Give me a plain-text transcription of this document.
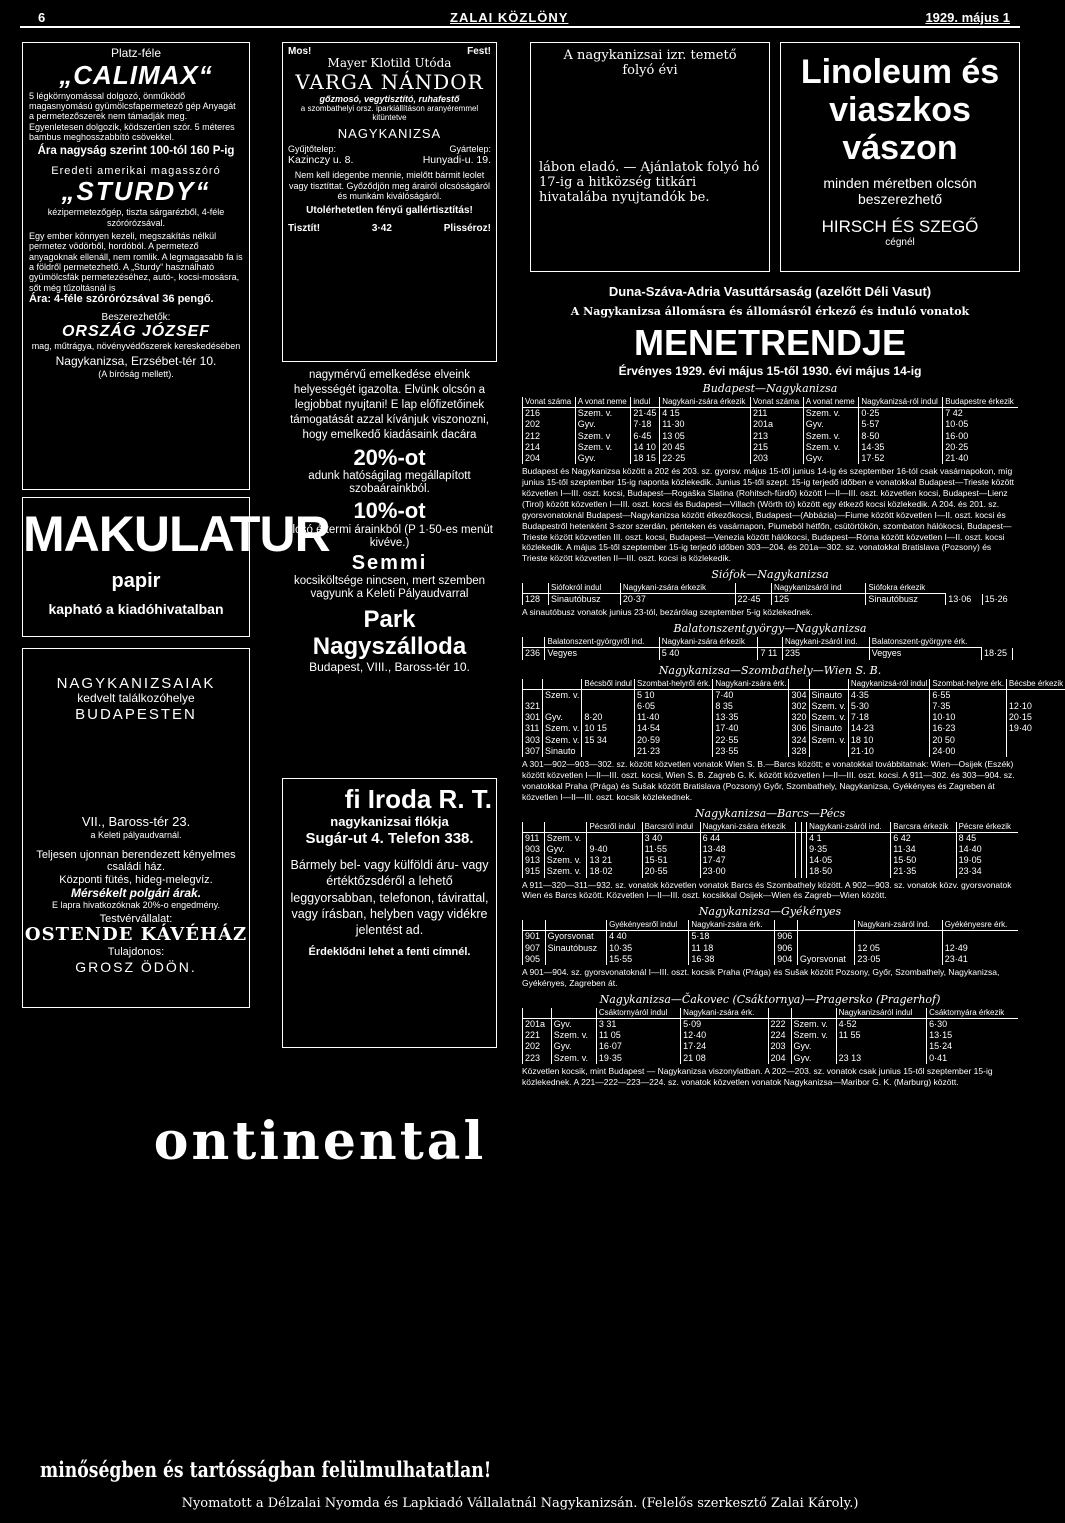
6	ZALAI KÖZLÖNY	1929. május 1
Platz-féle
„CALIMAX“
5 légkörnyomással dolgozó, önműködő magasnyomású gyümölcsfapermetező gép Anyagát a permetezőszerek nem támadják meg. Egyenletesen dolgozik, ködszerűen szór. 5 méteres bambus meghosszabbító csövekkel.
Ára nagyság szerint 100-tól 160 P-ig
Eredeti amerikai magasszóró
„STURDY“
kézipermetezőgép, tiszta sárgarézből, 4-féle szórórózsával.
Egy ember könnyen kezeli, megszakítás nélkül permetez vödörből, hordóból. A permetező anyagoknak ellenáll, nem romlik. A legmagasabb fa is a földről permetezhető. A „Sturdy“ használható gyümölcsfák permetezéséhez, autó-, kocsi-mosásra, sőt még tűzoltásnál is
Ára: 4-féle szórórózsával 36 pengő.
Beszerezhetők:
ORSZÁG JÓZSEF
mag, műtrágya, növényvédőszerek kereskedésében
Nagykanizsa, Erzsébet-tér 10.
(A bíróság mellett).
MAKULATUR
papir
kapható a kiadóhivatalban
NAGYKANIZSAIAK
kedvelt találkozóhelye
BUDAPESTEN
VII., Baross-tér 23.
a Keleti pályaudvarnál.
Teljesen ujonnan berendezett kényelmes családi ház.
Központi fütés, hideg-melegvíz.
Mérsékelt polgári árak.
E lapra hivatkozóknak 20%-o engedmény.
Testvérvállalat:
OSTENDE KÁVÉHÁZ
Tulajdonos:
GROSZ ÖDÖN.
Mos!	Fest!
Mayer Klotild Utóda
VARGA NÁNDOR
gőzmosó, vegytisztító, ruhafestő
a szombathelyi orsz. iparkiállításon aranyéremmel kitüntetve
NAGYKANIZSA
Gyűjtőtelep:	Gyártelep:
Kazinczy u. 8.	Hunyadi-u. 19.
Nem kell idegenbe mennie, mielőtt bármit leolet vagy tisztíttat. Győződjön meg árairól olcsóságáról és munkám kiválóságáról.
Utolérhetetlen fényű gallértisztítás!
Tisztít!	3·42	Plisséroz!
nagymérvű emelkedése elveink helyességét igazolta. Elvünk olcsón a legjobbat nyujtani! E lap előfizetőinek támogatását azzal kívánjuk viszonozni, hogy emelkedő kiadásaink dacára
20%-ot
adunk hatóságilag megállapított szobaárainkból.
10%-ot
olcsó éttermi árainkból (P 1·50-es menüt kivéve.)
Semmi
kocsiköltsége nincsen, mert szemben vagyunk a Keleti Pályaudvarral
Park Nagyszálloda
Budapest, VIII., Baross-tér 10.
fi Iroda R. T.
nagykanizsai flókja
Sugár-ut 4. Telefon 338.
Bármely bel- vagy külföldi áru- vagy értéktőzsdéről a lehető leggyorsabban, telefonon, távirattal, vagy írásban, helyben vagy vidékre jelentést ad.
Érdeklődni lehet a fenti címnél.
A nagykanizsai izr. temető
folyó évi
lábon eladó. — Ajánlatok folyó hó 17-ig a hitközség titkári hivatalába nyujtandók be.
Linoleum és viaszkos vászon
minden méretben olcsón beszerezhető
HIRSCH ÉS SZEGŐ
cégnél
Duna-Száva-Adria Vasuttársaság (azelőtt Déli Vasut)
A Nagykanizsa állomásra és állomásról érkező és induló vonatok
MENETRENDJE
Érvényes 1929. évi május 15-től 1930. évi május 14-ig
Budapest—Nagykanizsa
Vonat száma	A vonat neme	indul	Nagykani-zsára érkezik	Vonat száma	A vonat neme	Nagykanizsá-ról indul	Budapestre érkezik
216	Szem. v.	21·45	4 15	211	Szem. v.	0·25	7 42
202	Gyv.	7·18	11·30	201a	Gyv.	5·57	10·05
212	Szem. v	6·45	13 05	213	Szem. v.	8·50	16·00
214	Szem. v.	14 10	20 45	215	Szem. v.	14·35	20·25
204	Gyv.	18 15	22·25	203	Gyv.	17·52	21·40
Budapest és Nagykanizsa között a 202 és 203. sz. gyorsv. május 15-től junius 14-ig és szeptember 16-tól csak vasárnapokon, míg junius 15-től szeptember 15-ig naponta közlekedik. Junius 15-től szept. 15-ig terjedő időben e vonatokkal Budapest—Trieste között közvetlen I—III. oszt. kocsi, Budapest—Rogaška Slatina (Rohitsch-fürdő) között I—II—III. oszt. közvetlen kocsi, Budapest—Lienz (Tirol) között közvetlen I—III. oszt. kocsi és Budapest—Villach (Wörth tó) között egy étkező kocsi közlekedik. A 204. és 201. sz. gyorsvonatoknál Budapest—Nagykanizsa között étkezőkocsi, Budapest—(Abbázia)—Fiume között közvetlen I—II. oszt. kocsi és Budapestről hetenként 3-szor szerdán, pénteken és vasárnapon, Piumeból hétfőn, csütörtökön, szombaton hálókocsi, Budapest—Trieste között közvetlen III. oszt. kocsi, Budapest—Venezia között hálókocsi, Budapest—Róma között közvetlen I—II. oszt. kocsi közlekedik. A május 15-től szeptember 15-ig terjedő időben 303—204. és 201a—302. sz. vonatokkal Bratislava (Pozsony) és Trieste között közvetlen II—III. oszt. kocsi is közlekedik.
Siófok—Nagykanizsa
	Siófokról indul	Nagykani-zsára érkezik		Nagykanizsáról ind	Siófokra érkezik		
128	Sinautóbusz	20·37	22·45	125	Sinautóbusz	13·06	15·26
A sinautóbusz vonatok junius 23-tól, bezárólag szeptember 5-ig közlekednek.
Balatonszentgyörgy—Nagykanizsa
	Balatonszent-györgyről ind.	Nagykani-zsára érkezik		Nagykani-zsáról ind.	Balatonszent-györgyre érk.		
236	Vegyes	5 40	7 11	235	Vegyes	18·25	
Nagykanizsa—Szombathely—Wien S. B.
		Bécsből indul	Szombat-helyről érk.	Nagykani-zsára érk.			Nagykanizsá-ról indul	Szombat-helyre érk.	Bécsbe érkezik
	Szem. v.		5 10	7·40	304	Sinauto	4·35	6·55	
321			6·05	8 35	302	Szem. v.	5·30	7·35	12·10
301	Gyv.	8·20	11·40	13·35	320	Szem. v.	7·18	10·10	20·15
311	Szem. v.	10 15	14·54	17·40	306	Sinauto	14·23	16·23	19·40
303	Szem. v.	15 34	20·59	22·55	324	Szem. v.	18 10	20 50	
307	Sinauto		21·23	23·55	328		21·10	24·00	
A 301—902—903—302. sz. között közvetlen vonatok Wien S. B.—Barcs között; e vonatokkal továbbitatnak: Wien—Osijek (Eszék) között közvetlen I—II—III. oszt. kocsi, Wien S. B. Zagreb G. K. között közvetlen I—II—III. oszt. kocsi. A 911—302. és 303—904. sz. vonatokkal Praha (Prága) és Sušak között Bratislava (Pozsony) Győr, Szombathely, Nagykanizsa, Gyékényes és Zagreben át közvetlen I—II—III. oszt. kocsik közlekednek.
Nagykanizsa—Barcs—Pécs
		Pécsről indul	Barcsról indul	Nagykani-zsára érkezik			Nagykani-zsáról ind.	Barcsra érkezik	Pécsre érkezik
911	Szem. v.		3 40	6 44			4 1	6 42	8 45
903	Gyv.	9·40	11·55	13·48			9·35	11·34	14·40
913	Szem. v.	13 21	15·51	17·47			14·05	15·50	19·05
915	Szem. v.	18·02	20·55	23·00			18·50	21·35	23·34
A 911—320—311—932. sz. vonatok közvetlen vonatok Barcs és Szombathely között. A 902—903. sz. vonatok közv. gyorsvonatok Wien és Barcs között. Közvetlen I—II—III. oszt. kocsikkal Osijek—Wien és Zagreb—Wien között.
Nagykanizsa—Gyékényes
		Gyékényesről indul	Nagykani-zsára érk.			Nagykani-zsáról ind.	Gyékényesre érk.
901	Gyorsvonat	4 40	5·18	906			
907	Sinautóbusz	10·35	11 18	906		12 05	12·49
905		15·55	16·38	904	Gyorsvonat	23·05	23·41
A 901—904. sz. gyorsvonatoknál I—III. oszt. kocsik Praha (Prága) és Sušak között Pozsony, Győr, Szombathely, Nagykanizsa, Gyékényes, Zagreben át.
Nagykanizsa—Čakovec (Csáktornya)—Pragersko (Pragerhof)
		Csáktornyáról indul	Nagykani-zsára érk.			Nagykanizsáról indul	Csáktornyára érkezik
201a	Gyv.	3 31	5·09	222	Szem. v.	4·52	6·30
221	Szem. v.	11 05	12·40	224	Szem. v.	11 55	13·15
202	Gyv.	16·07	17·24	203	Gyv.		15·24
223	Szem. v.	19·35	21 08	204	Gyv.	23 13	0·41
Közvetlen kocsik, mint Budapest — Nagykanizsa viszonylatban. A 202—203. sz. vonatok csak junius 15-től szeptember 15-ig közlekednek. A 221—222—223—224. sz. vonatok közvetlen vonatok Nagykanizsa—Maribor G. K. (Marburg) között.
ontinental
minőségben és tartósságban felülmulhatatlan!
Nyomatott a Délzalai Nyomda és Lapkiadó Vállalatnál Nagykanizsán. (Felelős szerkesztő Zalai Károly.)
